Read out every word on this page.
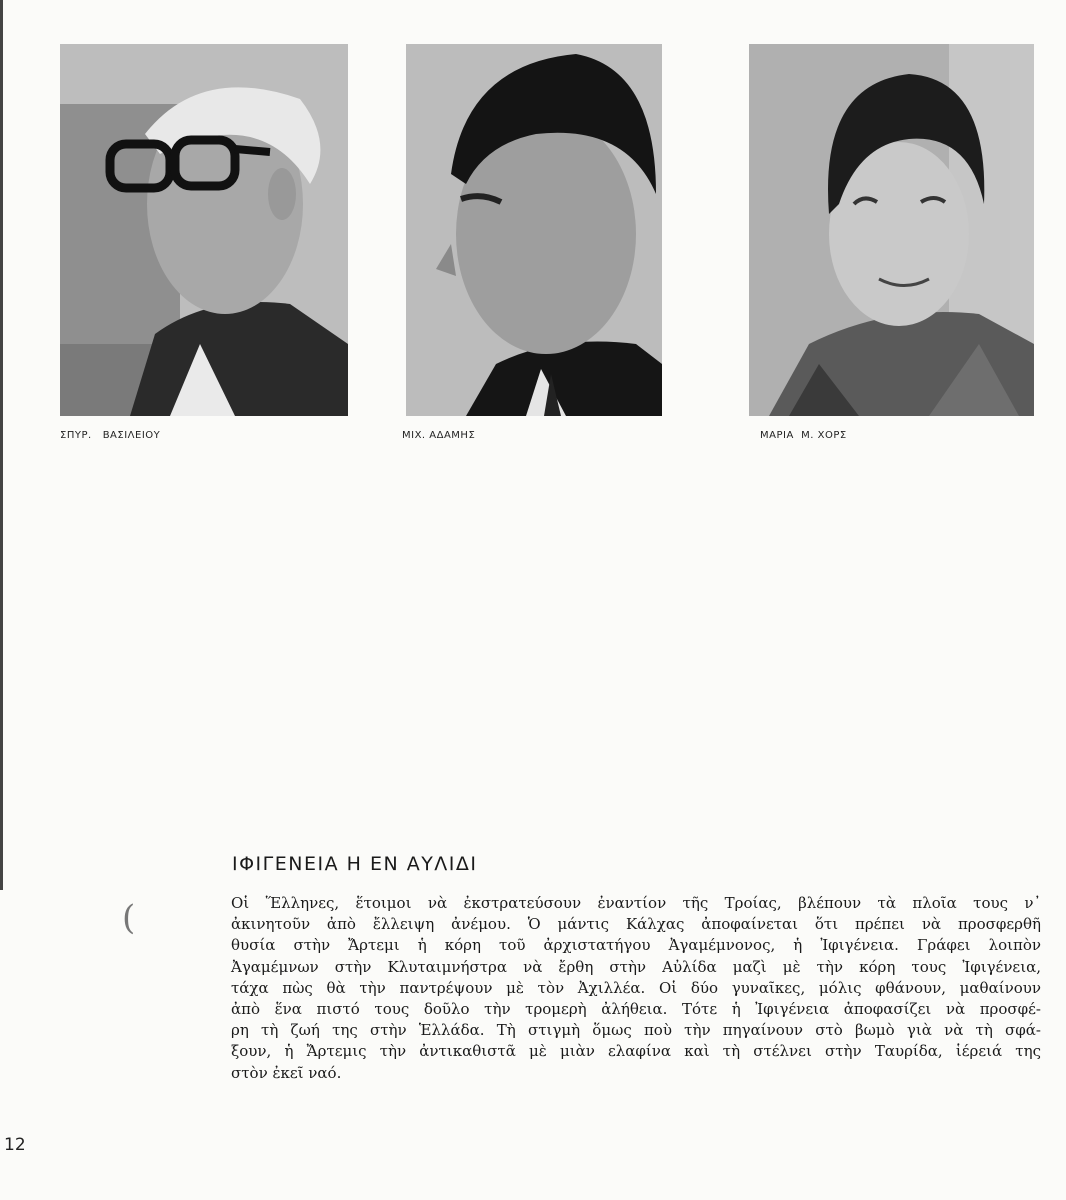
ΣΠΥΡ.   ΒΑΣΙΛΕΙΟΥ	ΜΙΧ. ΑΔΑΜΗΣ	ΜΑΡΙΑ  Μ. ΧΟΡΣ
ΙΦΙΓΕΝΕΙΑ Η ΕΝ ΑΥΛΙΔΙ
(	Οἱ Ἕλληνες, ἕτοιμοι νὰ ἐκστρατεύσουν ἐναντίον τῆς Τροίας, βλέπουν τὰ πλοῖα τους ν᾽
ἀκινητοῦν ἀπὸ ἔλλειψη ἀνέμου. Ὁ μάντις Κάλχας ἀποφαίνεται ὅτι πρέπει νὰ προσφερθῆ
θυσία στὴν Ἄρτεμι ἡ κόρη τοῦ ἀρχιστατήγου Ἀγαμέμνονος, ἡ Ἰφιγένεια. Γράφει λοιπὸν
Ἀγαμέμνων στὴν Κλυταιμνήστρα νὰ ἔρθη στὴν Αὐλίδα μαζὶ μὲ τὴν κόρη τους Ἰφιγένεια,
τάχα πὼς θὰ τὴν παντρέψουν μὲ τὸν Ἀχιλλέα. Οἱ δύο γυναῖκες, μόλις φθάνουν, μαθαίνουν
ἀπὸ ἕνα πιστό τους δοῦλο τὴν τρομερὴ ἀλήθεια. Τότε ἡ Ἰφιγένεια ἀποφασίζει νὰ προσφέ-
ρη τὴ ζωή της στὴν Ἑλλάδα. Τὴ στιγμὴ ὅμως ποὺ τὴν πηγαίνουν στὸ βωμὸ γιὰ νὰ τὴ σφά-
ξουν, ἡ Ἄρτεμις τὴν ἀντικαθιστᾶ μὲ μιὰν ελαφίνα καὶ τὴ στέλνει στὴν Ταυρίδα, ἱέρειά της
στὸν ἐκεῖ ναό.
12
